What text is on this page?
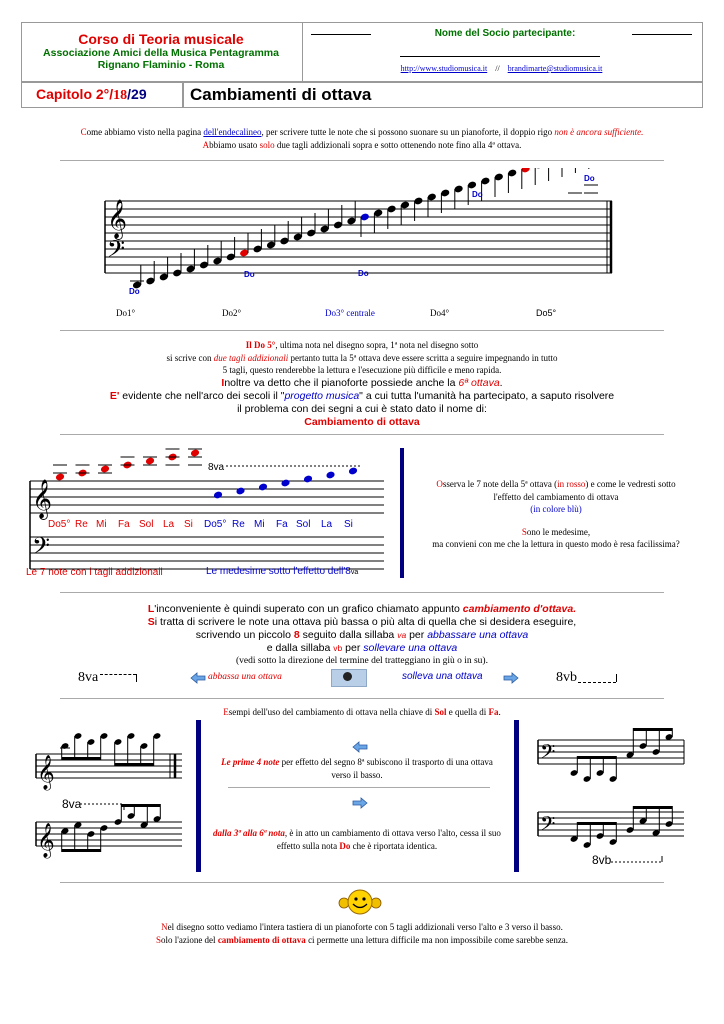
Corso di Teoria musicale
Associazione Amici della Musica Pentagramma
Rignano Flaminio - Roma
Nome del Socio partecipante:
http://www.studiomusica.it // brandimarte@studiomusica.it
Capitolo 2°/18/29	Cambiamenti di ottava
Come abbiamo visto nella pagina dell'endecalineo, per scrivere tutte le note che si possono suonare su un pianoforte, il doppio rigo non è ancora sufficiente.
Abbiamo usato solo due tagli addizionali sopra e sotto ottenendo note fino alla 4ª ottava.
𝄞
𝄢
Do
Do	Do
Do
Do
Do1°	Do2°	Do3° centrale	Do4°	Do5°
Il Do 5°, ultima nota nel disegno sopra, 1ª nota nel disegno sotto
si scrive con due tagli addizionali pertanto tutta la 5ª ottava deve essere scritta a seguire impegnando in tutto
5 tagli, questo renderebbe la lettura e l'esecuzione più difficile e meno rapida.
Inoltre va detto che il pianoforte possiede anche la 6ª ottava.
E' evidente che nell'arco dei secoli il "progetto musica" a cui tutta l'umanità ha partecipato, a saputo risolvere
il problema con dei segni a cui è stato dato il nome di:
Cambiamento di ottava
𝄞
𝄢
8va
Do5° Re Mi Fa Sol La Si Do5° Re Mi Fa Sol La Si
Le 7 note con i tagli addizionali	Le medesime sotto l'effetto dell'8va
Osserva le 7 note della 5ª ottava (in rosso) e come le vedresti sotto
l'effetto del cambiamento di ottava
(in colore blù)
Sono le medesime,
ma convieni con me che la lettura in questo modo è resa facilissima?
L'inconveniente è quindi superato con un grafico chiamato appunto cambiamento d'ottava.
Si tratta di scrivere le note una ottava più bassa o più alta di quella che si desidera eseguire,
scrivendo un piccolo 8 seguito dalla sillaba va per abbassare una ottava
e dalla sillaba vb per sollevare una ottava
(vedi sotto la direzione del termine del tratteggiano in giù o in su).
8va	abbassa una ottava	solleva una ottava	8vb
Esempi dell'uso del cambiamento di ottava nella chiave di Sol e quella di Fa.
𝄞
𝄞
8va
𝄢
𝄢
8vb
Le prime 4 note per effetto del segno 8ª subiscono il trasporto di una ottava verso il basso.
dalla 3ª alla 6ª nota, è in atto un cambiamento di ottava verso l'alto, cessa il suo effetto sulla nota Do che è riportata identica.
Nel disegno sotto vediamo l'intera tastiera di un pianoforte con 5 tagli addizionali verso l'alto e 3 verso il basso.
Solo l'azione del cambiamento di ottava ci permette una lettura difficile ma non impossibile come sarebbe senza.
